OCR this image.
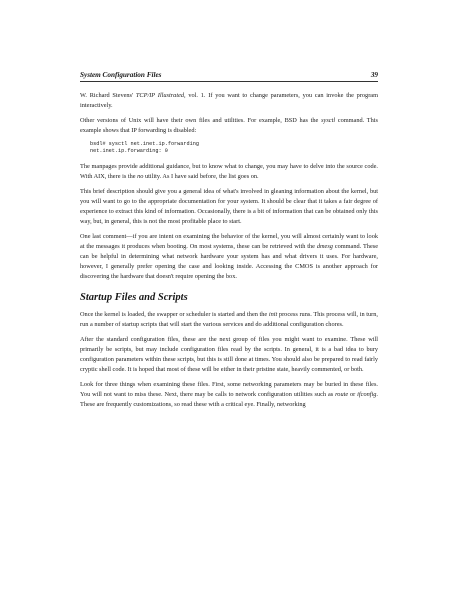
System Configuration Files	39

W. Richard Stevens' TCP/IP Illustrated, vol. 1. If you want to change parameters, you can invoke the program interactively.

Other versions of Unix will have their own files and utilities. For example, BSD has the sysctl command. This example shows that IP forwarding is disabled:

bsdl# sysctl net.inet.ip.forwarding
net.inet.ip.forwarding: 0

The manpages provide additional guidance, but to know what to change, you may have to delve into the source code. With AIX, there is the no utility. As I have said before, the list goes on.

This brief description should give you a general idea of what's involved in gleaning information about the kernel, but you will want to go to the appropriate documentation for your system. It should be clear that it takes a fair degree of experience to extract this kind of information. Occasionally, there is a bit of information that can be obtained only this way, but, in general, this is not the most profitable place to start.

One last comment—if you are intent on examining the behavior of the kernel, you will almost certainly want to look at the messages it produces when booting. On most systems, these can be retrieved with the dmesg command. These can be helpful in determining what network hardware your system has and what drivers it uses. For hardware, however, I generally prefer opening the case and looking inside. Accessing the CMOS is another approach for discovering the hardware that doesn't require opening the box.

Startup Files and Scripts

Once the kernel is loaded, the swapper or scheduler is started and then the init process runs. This process will, in turn, run a number of startup scripts that will start the various services and do additional configuration chores.

After the standard configuration files, these are the next group of files you might want to examine. These will primarily be scripts, but may include configuration files read by the scripts. In general, it is a bad idea to bury configuration parameters within these scripts, but this is still done at times. You should also be prepared to read fairly cryptic shell code. It is hoped that most of these will be either in their pristine state, heavily commented, or both.

Look for three things when examining these files. First, some networking parameters may be buried in these files. You will not want to miss these. Next, there may be calls to network configuration utilities such as route or ifconfig. These are frequently customizations, so read these with a critical eye. Finally, networking
